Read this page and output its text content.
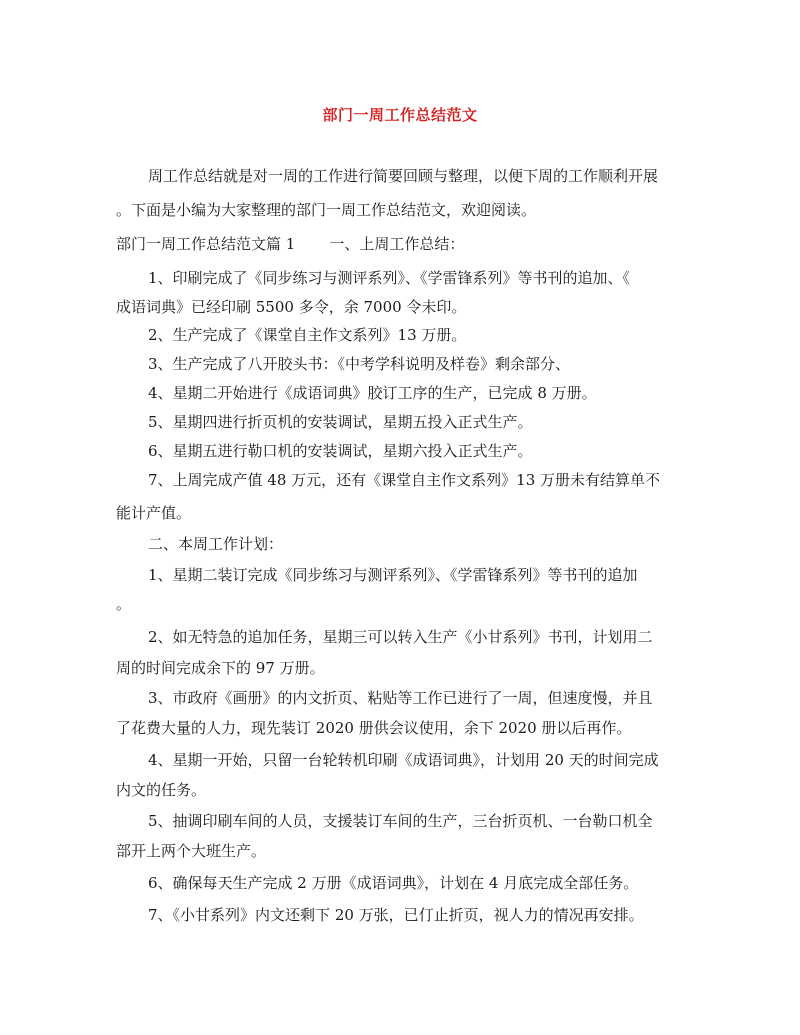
部门一周工作总结范文
周工作总结就是对一周的工作进行简要回顾与整理，以便下周的工作顺利开展
。下面是小编为大家整理的部门一周工作总结范文，欢迎阅读。
部门一周工作总结范文篇 1 一、上周工作总结：
1、印刷完成了《同步练习与测评系列》、《学雷锋系列》等书刊的追加、《
成语词典》已经印刷 5500 多令，余 7000 令未印。
2、生产完成了《课堂自主作文系列》13 万册。
3、生产完成了八开胶头书：《中考学科说明及样卷》剩余部分、
4、星期二开始进行《成语词典》胶订工序的生产，已完成 8 万册。
5、星期四进行折页机的安装调试，星期五投入正式生产。
6、星期五进行勒口机的安装调试，星期六投入正式生产。
7、上周完成产值 48 万元，还有《课堂自主作文系列》13 万册未有结算单不
能计产值。
二、本周工作计划：
1、星期二装订完成《同步练习与测评系列》、《学雷锋系列》等书刊的追加
。
2、如无特急的追加任务，星期三可以转入生产《小甘系列》书刊，计划用二
周的时间完成余下的 97 万册。
3、市政府《画册》的内文折页、粘贴等工作已进行了一周，但速度慢，并且
了花费大量的人力，现先装订 2020 册供会议使用，余下 2020 册以后再作。
4、星期一开始，只留一台轮转机印刷《成语词典》，计划用 20 天的时间完成
内文的任务。
5、抽调印刷车间的人员，支援装订车间的生产，三台折页机、一台勒口机全
部开上两个大班生产。
6、确保每天生产完成 2 万册《成语词典》，计划在 4 月底完成全部任务。
7、《小甘系列》内文还剩下 20 万张，已仃止折页，视人力的情况再安排。
